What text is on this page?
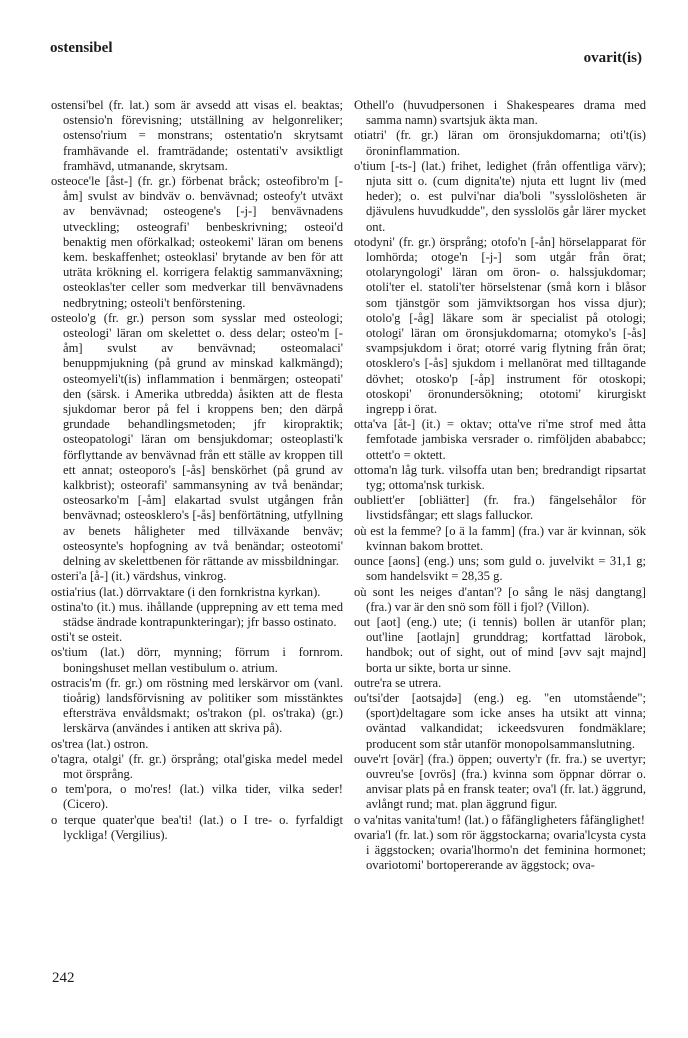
ostensibel
ovarit(is)

ostensi'bel (fr. lat.) som är avsedd att visas el. beaktas; ostensio'n förevisning; utställning av helgonreliker; ostenso'rium = monstrans; ostentatio'n skrytsamt framhävande el. framträdande; ostentati'v avsiktligt framhävd, utmanande, skrytsam.

osteoce'le [åst-] (fr. gr.) förbenat bråck; osteofibro'm [-åm] svulst av bindväv o. benvävnad; osteofy't utväxt av benvävnad; osteogene's [-j-] benvävnadens utveckling; osteografi' benbeskrivning; osteoi'd benaktig men oförkalkad; osteokemi' läran om benens kem. beskaffenhet; osteoklasi' brytande av ben för att uträta krökning el. korrigera felaktig sammanväxning; osteoklas'ter celler som medverkar till benvävnadens nedbrytning; osteoli't benförstening.

osteolo'g (fr. gr.) person som sysslar med osteologi; osteologi' läran om skelettet o. dess delar; osteo'm [-åm] svulst av benvävnad; osteomalaci' benuppmjukning (på grund av minskad kalkmängd); osteomyeli't(is) inflammation i benmärgen; osteopati' den (särsk. i Amerika utbredda) åsikten att de flesta sjukdomar beror på fel i kroppens ben; den därpå grundade behandlingsmetoden; jfr kiropraktik; osteopatologi' läran om bensjukdomar; osteoplasti'k förflyttande av benvävnad från ett ställe av kroppen till ett annat; osteoporo's [-ås] benskörhet (på grund av kalkbrist); osteorafi' sammansyning av två benändar; osteosarko'm [-åm] elakartad svulst utgången från benvävnad; osteosklero's [-ås] benförtätning, utfyllning av benets håligheter med tillväxande benväv; osteosynte's hopfogning av två benändar; osteotomi' delning av skelettbenen för rättande av missbildningar.

osteri'a [å-] (it.) värdshus, vinkrog.

ostia'rius (lat.) dörrvaktare (i den fornkristna kyrkan).

ostina'to (it.) mus. ihållande (upprepning av ett tema med städse ändrade kontrapunkteringar); jfr basso ostinato.

osti't se osteit.

os'tium (lat.) dörr, mynning; förrum i fornrom. boningshuset mellan vestibulum o. atrium.

ostracis'm (fr. gr.) om röstning med lerskärvor om (vanl. tioårig) landsförvisning av politiker som misstänktes eftersträva envåldsmakt; os'trakon (pl. os'traka) (gr.) lerskärva (användes i antiken att skriva på).

os'trea (lat.) ostron.

o'tagra, otalgi' (fr. gr.) örsprång; otal'giska medel medel mot örsprång.

o tem'pora, o mo'res! (lat.) vilka tider, vilka seder! (Cicero).

o terque quater'que bea'ti! (lat.) o I tre- o. fyrfaldigt lyckliga! (Vergilius).

Othell'o (huvudpersonen i Shakespeares drama med samma namn) svartsjuk äkta man.

otiatri' (fr. gr.) läran om öronsjukdomarna; oti't(is) öroninflammation.

o'tium [-ts-] (lat.) frihet, ledighet (från offentliga värv); njuta sitt o. (cum dignita'te) njuta ett lugnt liv (med heder); o. est pulvi'nar dia'boli "sysslolösheten är djävulens huvudkudde", den sysslolös går lärer mycket ont.

otodyni' (fr. gr.) örsprång; otofo'n [-ån] hörselapparat för lomhörda; otoge'n [-j-] som utgår från örat; otolaryngologi' läran om öron- o. halssjukdomar; otoli'ter el. statoli'ter hörselstenar (små korn i blåsor som tjänstgör som jämviktsorgan hos vissa djur); otolo'g [-åg] läkare som är specialist på otologi; otologi' läran om öronsjukdomarna; otomyko's [-ås] svampsjukdom i örat; otorré varig flytning från örat; otosklero's [-ås] sjukdom i mellanörat med tilltagande dövhet; otosko'p [-åp] instrument för otoskopi; otoskopi' öronundersökning; ototomi' kirurgiskt ingrepp i örat.

otta'va [åt-] (it.) = oktav; otta've ri'me strof med åtta femfotade jambiska versrader o. rimföljden abababcc; ottett'o = oktett.

ottoma'n låg turk. vilsoffa utan ben; bredrandigt ripsartat tyg; ottoma'nsk turkisk.

oubliett'er [obliätter] (fr. fra.) fängelsehålor för livstidsfångar; ett slags falluckor.

où est la femme? [o ä la famm] (fra.) var är kvinnan, sök kvinnan bakom brottet.

ounce [aons] (eng.) uns; som guld o. juvelvikt = 31,1 g; som handelsvikt = 28,35 g.

où sont les neiges d'antan'? [o sång le näsj dangtang] (fra.) var är den snö som föll i fjol? (Villon).

out [aot] (eng.) ute; (i tennis) bollen är utanför plan; out'line [aotlajn] grunddrag; kortfattad lärobok, handbok; out of sight, out of mind [əvv sajt majnd] borta ur sikte, borta ur sinne.

outre'ra se utrera.

ou'tsi'der [aotsajdə] (eng.) eg. "en utomstående"; (sport)deltagare som icke anses ha utsikt att vinna; oväntad valkandidat; ickeedsvuren fondmäklare; producent som står utanför monopolsammanslutning.

ouve'rt [ovär] (fra.) öppen; ouverty'r (fr. fra.) se uvertyr; ouvreu'se [ovrös] (fra.) kvinna som öppnar dörrar o. anvisar plats på en fransk teater; ova'l (fr. lat.) äggrund, avlångt rund; mat. plan äggrund figur.

o va'nitas vanita'tum! (lat.) o fåfängligheters fåfänglighet!

ovaria'l (fr. lat.) som rör äggstockarna; ovaria'lcysta cysta i äggstocken; ovaria'lhormo'n det feminina hormonet; ovariotomi' bortopererande av äggstock; ova-

242
